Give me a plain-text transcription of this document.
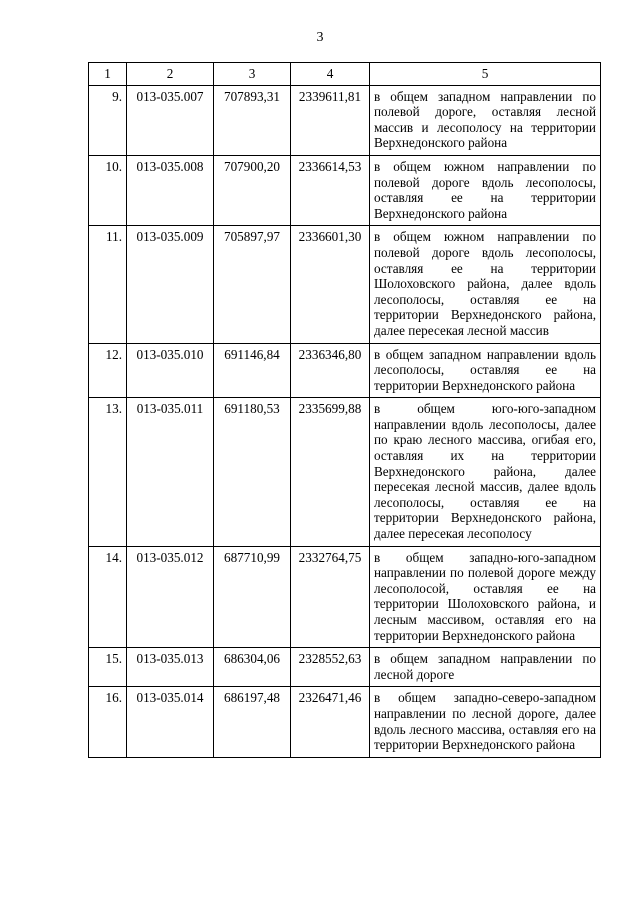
3
1	2	3	4	5
9.	013-035.007	707893,31	2339611,81	в общем западном направлении по полевой дороге, оставляя лесной массив и лесополосу на территории Верхнедонского района
10.	013-035.008	707900,20	2336614,53	в общем южном направлении по полевой дороге вдоль лесополосы, оставляя ее на территории Верхнедонского района
11.	013-035.009	705897,97	2336601,30	в общем южном направлении по полевой дороге вдоль лесополосы, оставляя ее на территории Шолоховского района, далее вдоль лесополосы, оставляя ее на территории Верхнедонского района, далее пересекая лесной массив
12.	013-035.010	691146,84	2336346,80	в общем западном направлении вдоль лесополосы, оставляя ее на территории Верхнедонского района
13.	013-035.011	691180,53	2335699,88	в общем юго-юго-западном направлении вдоль лесополосы, далее по краю лесного массива, огибая его, оставляя их на территории Верхнедонского района, далее пересекая лесной массив, далее вдоль лесополосы, оставляя ее на территории Верхнедонского района, далее пересекая лесополосу
14.	013-035.012	687710,99	2332764,75	в общем западно-юго-западном направлении по полевой дороге между лесополосой, оставляя ее на территории Шолоховского района, и лесным массивом, оставляя его на территории Верхнедонского района
15.	013-035.013	686304,06	2328552,63	в общем западном направлении по лесной дороге
16.	013-035.014	686197,48	2326471,46	в общем западно-северо-западном направлении по лесной дороге, далее вдоль лесного массива, оставляя его на территории Верхнедонского района
